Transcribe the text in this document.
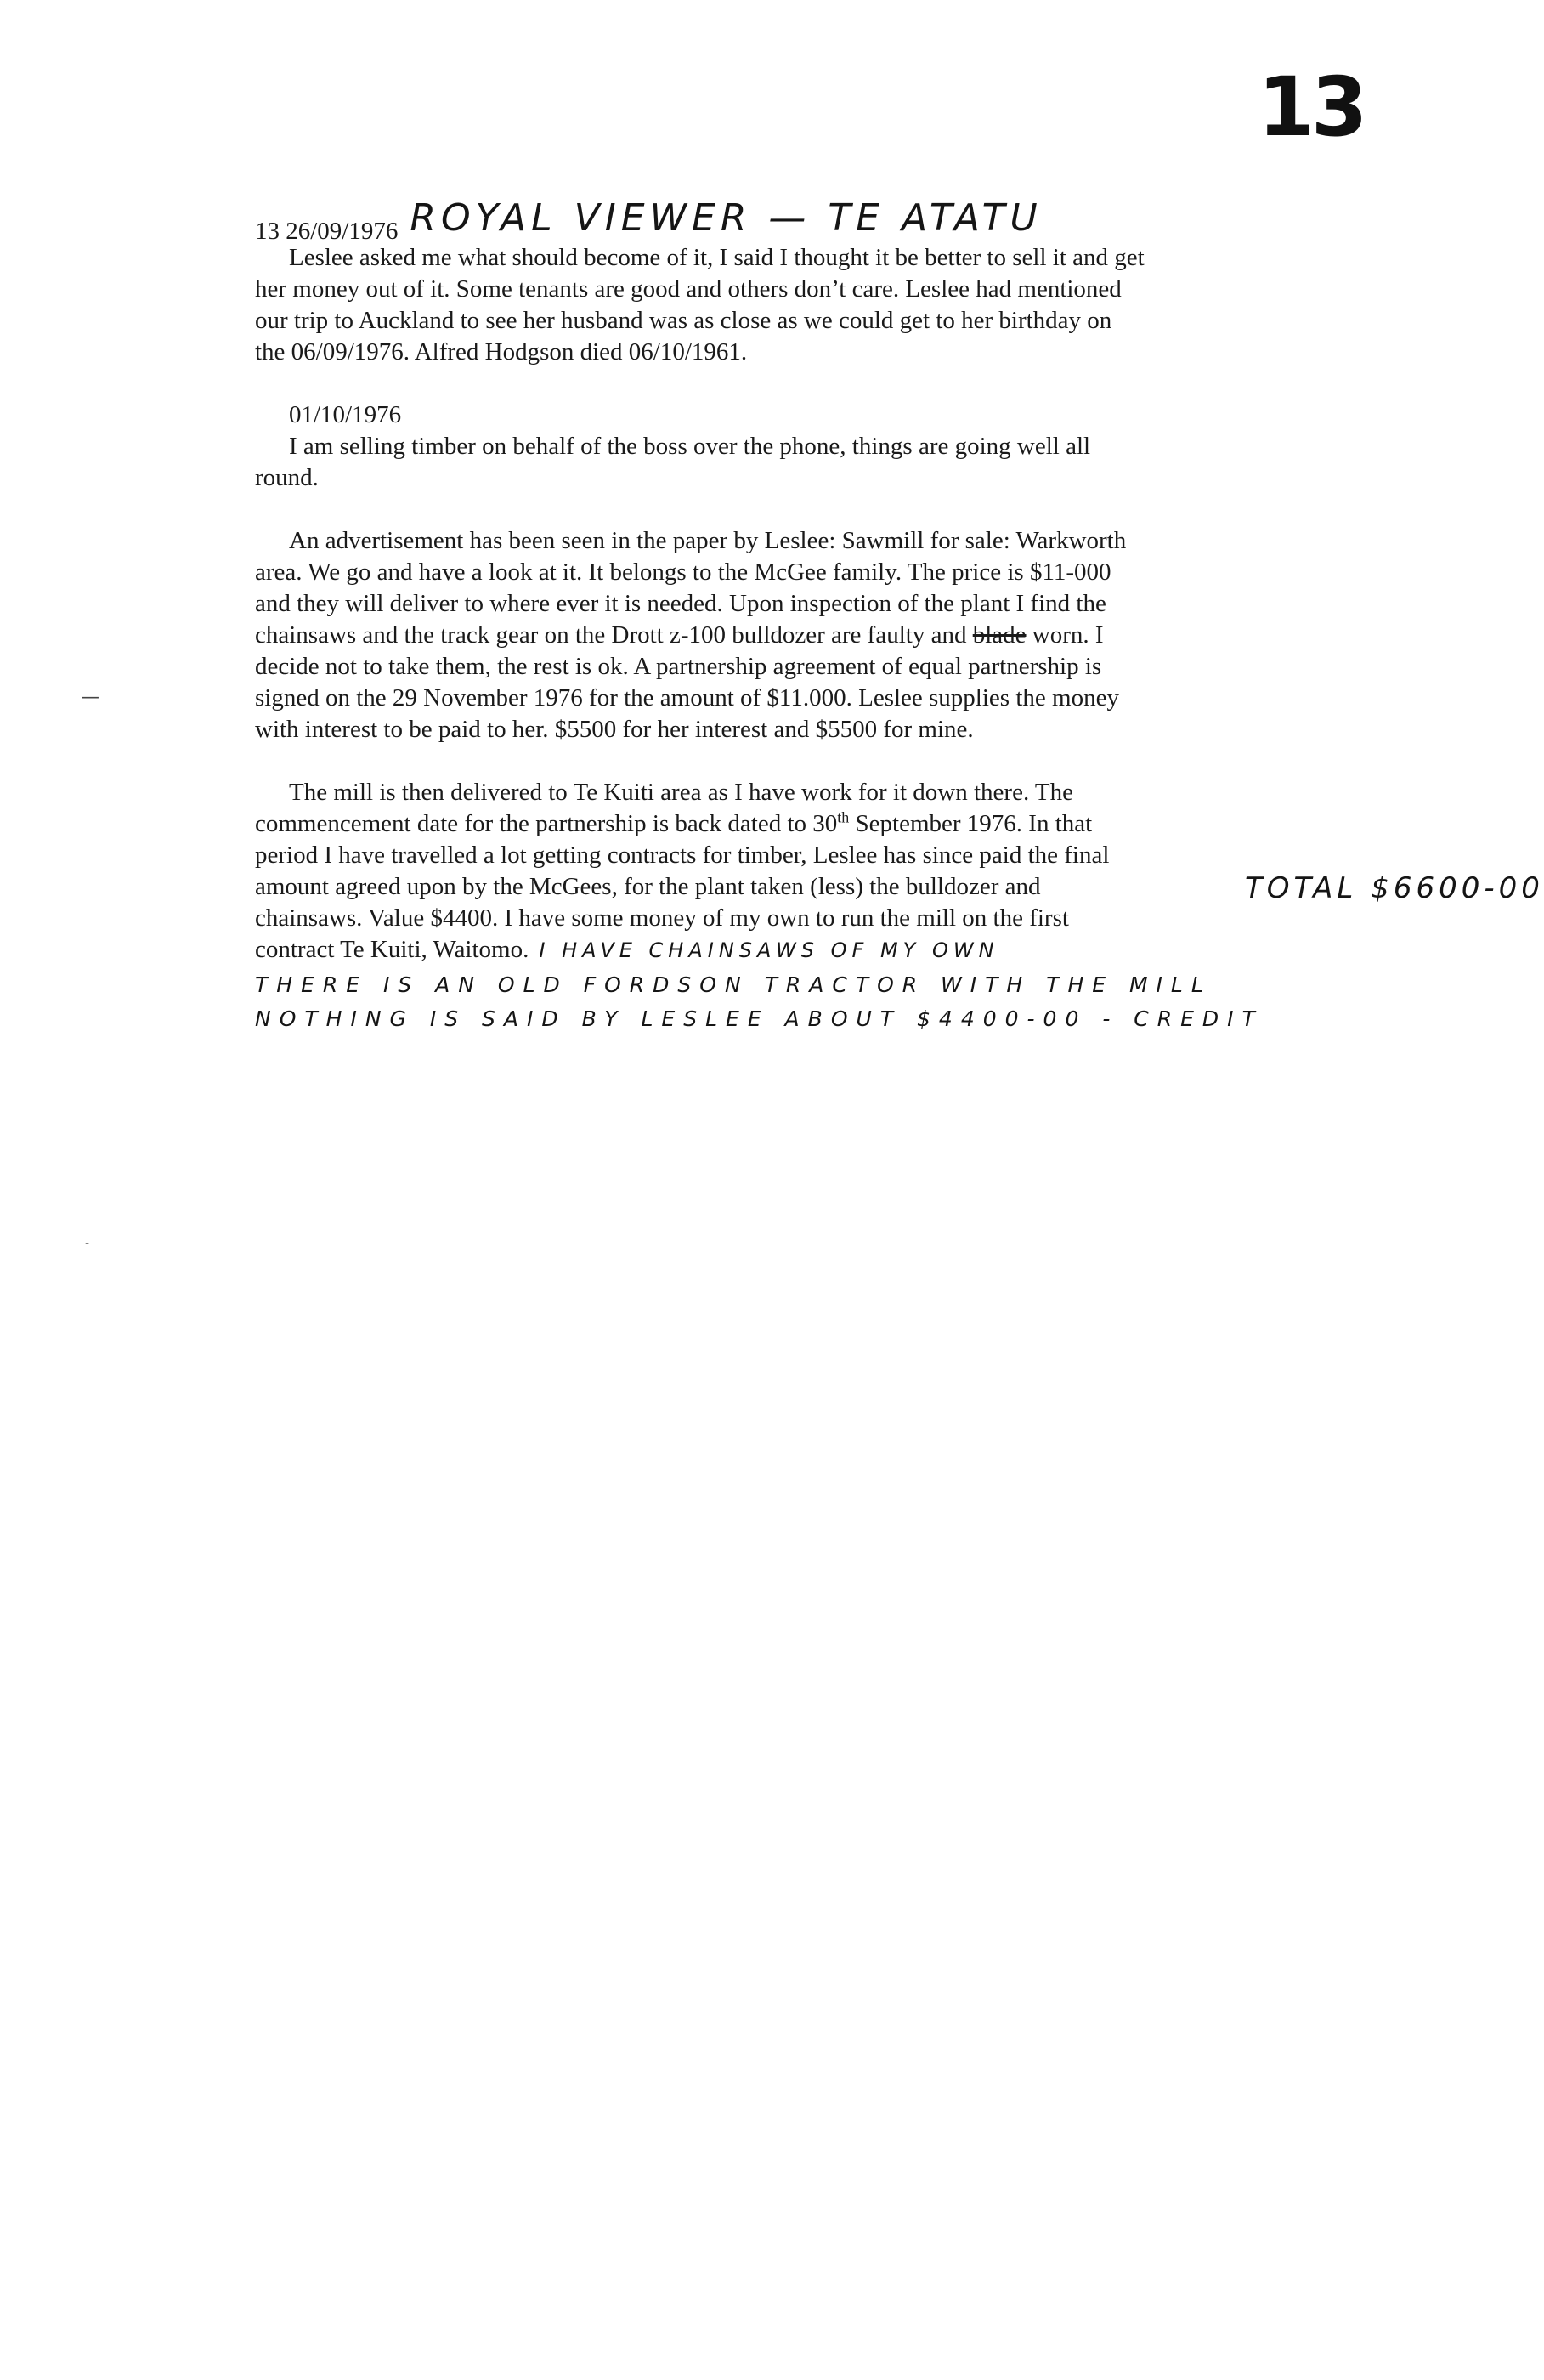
13
—
-
13 26/09/1976 ROYAL VIEWER — TE ATATU
Leslee asked me what should become of it, I said I thought it be better to sell it and get
her money out of it. Some tenants are good and others don’t care. Leslee had mentioned
our trip to Auckland to see her husband was as close as we could get to her birthday on
the 06/09/1976. Alfred Hodgson died 06/10/1961.
01/10/1976
I am selling timber on behalf of the boss over the phone, things are going well all
round.
An advertisement has been seen in the paper by Leslee: Sawmill for sale: Warkworth
area. We go and have a look at it. It belongs to the McGee family. The price is $11-000
and they will deliver to where ever it is needed. Upon inspection of the plant I find the
chainsaws and the track gear on the Drott z-100 bulldozer are faulty and blade worn. I
decide not to take them, the rest is ok. A partnership agreement of equal partnership is
signed on the 29 November 1976 for the amount of $11.000. Leslee supplies the money
with interest to be paid to her. $5500 for her interest and $5500 for mine.
The mill is then delivered to Te Kuiti area as I have work for it down there. The
commencement date for the partnership is back dated to 30th September 1976. In that
period I have travelled a lot getting contracts for timber, Leslee has since paid the final
amount agreed upon by the McGees, for the plant taken (less) the bulldozer and	TOTAL $6600-00
chainsaws. Value $4400. I have some money of my own to run the mill on the first
contract Te Kuiti, Waitomo. I HAVE CHAINSAWS OF MY OWN
THERE IS AN OLD FORDSON TRACTOR WITH THE MILL
NOTHING IS SAID BY LESLEE ABOUT $4400-00 - CREDIT
